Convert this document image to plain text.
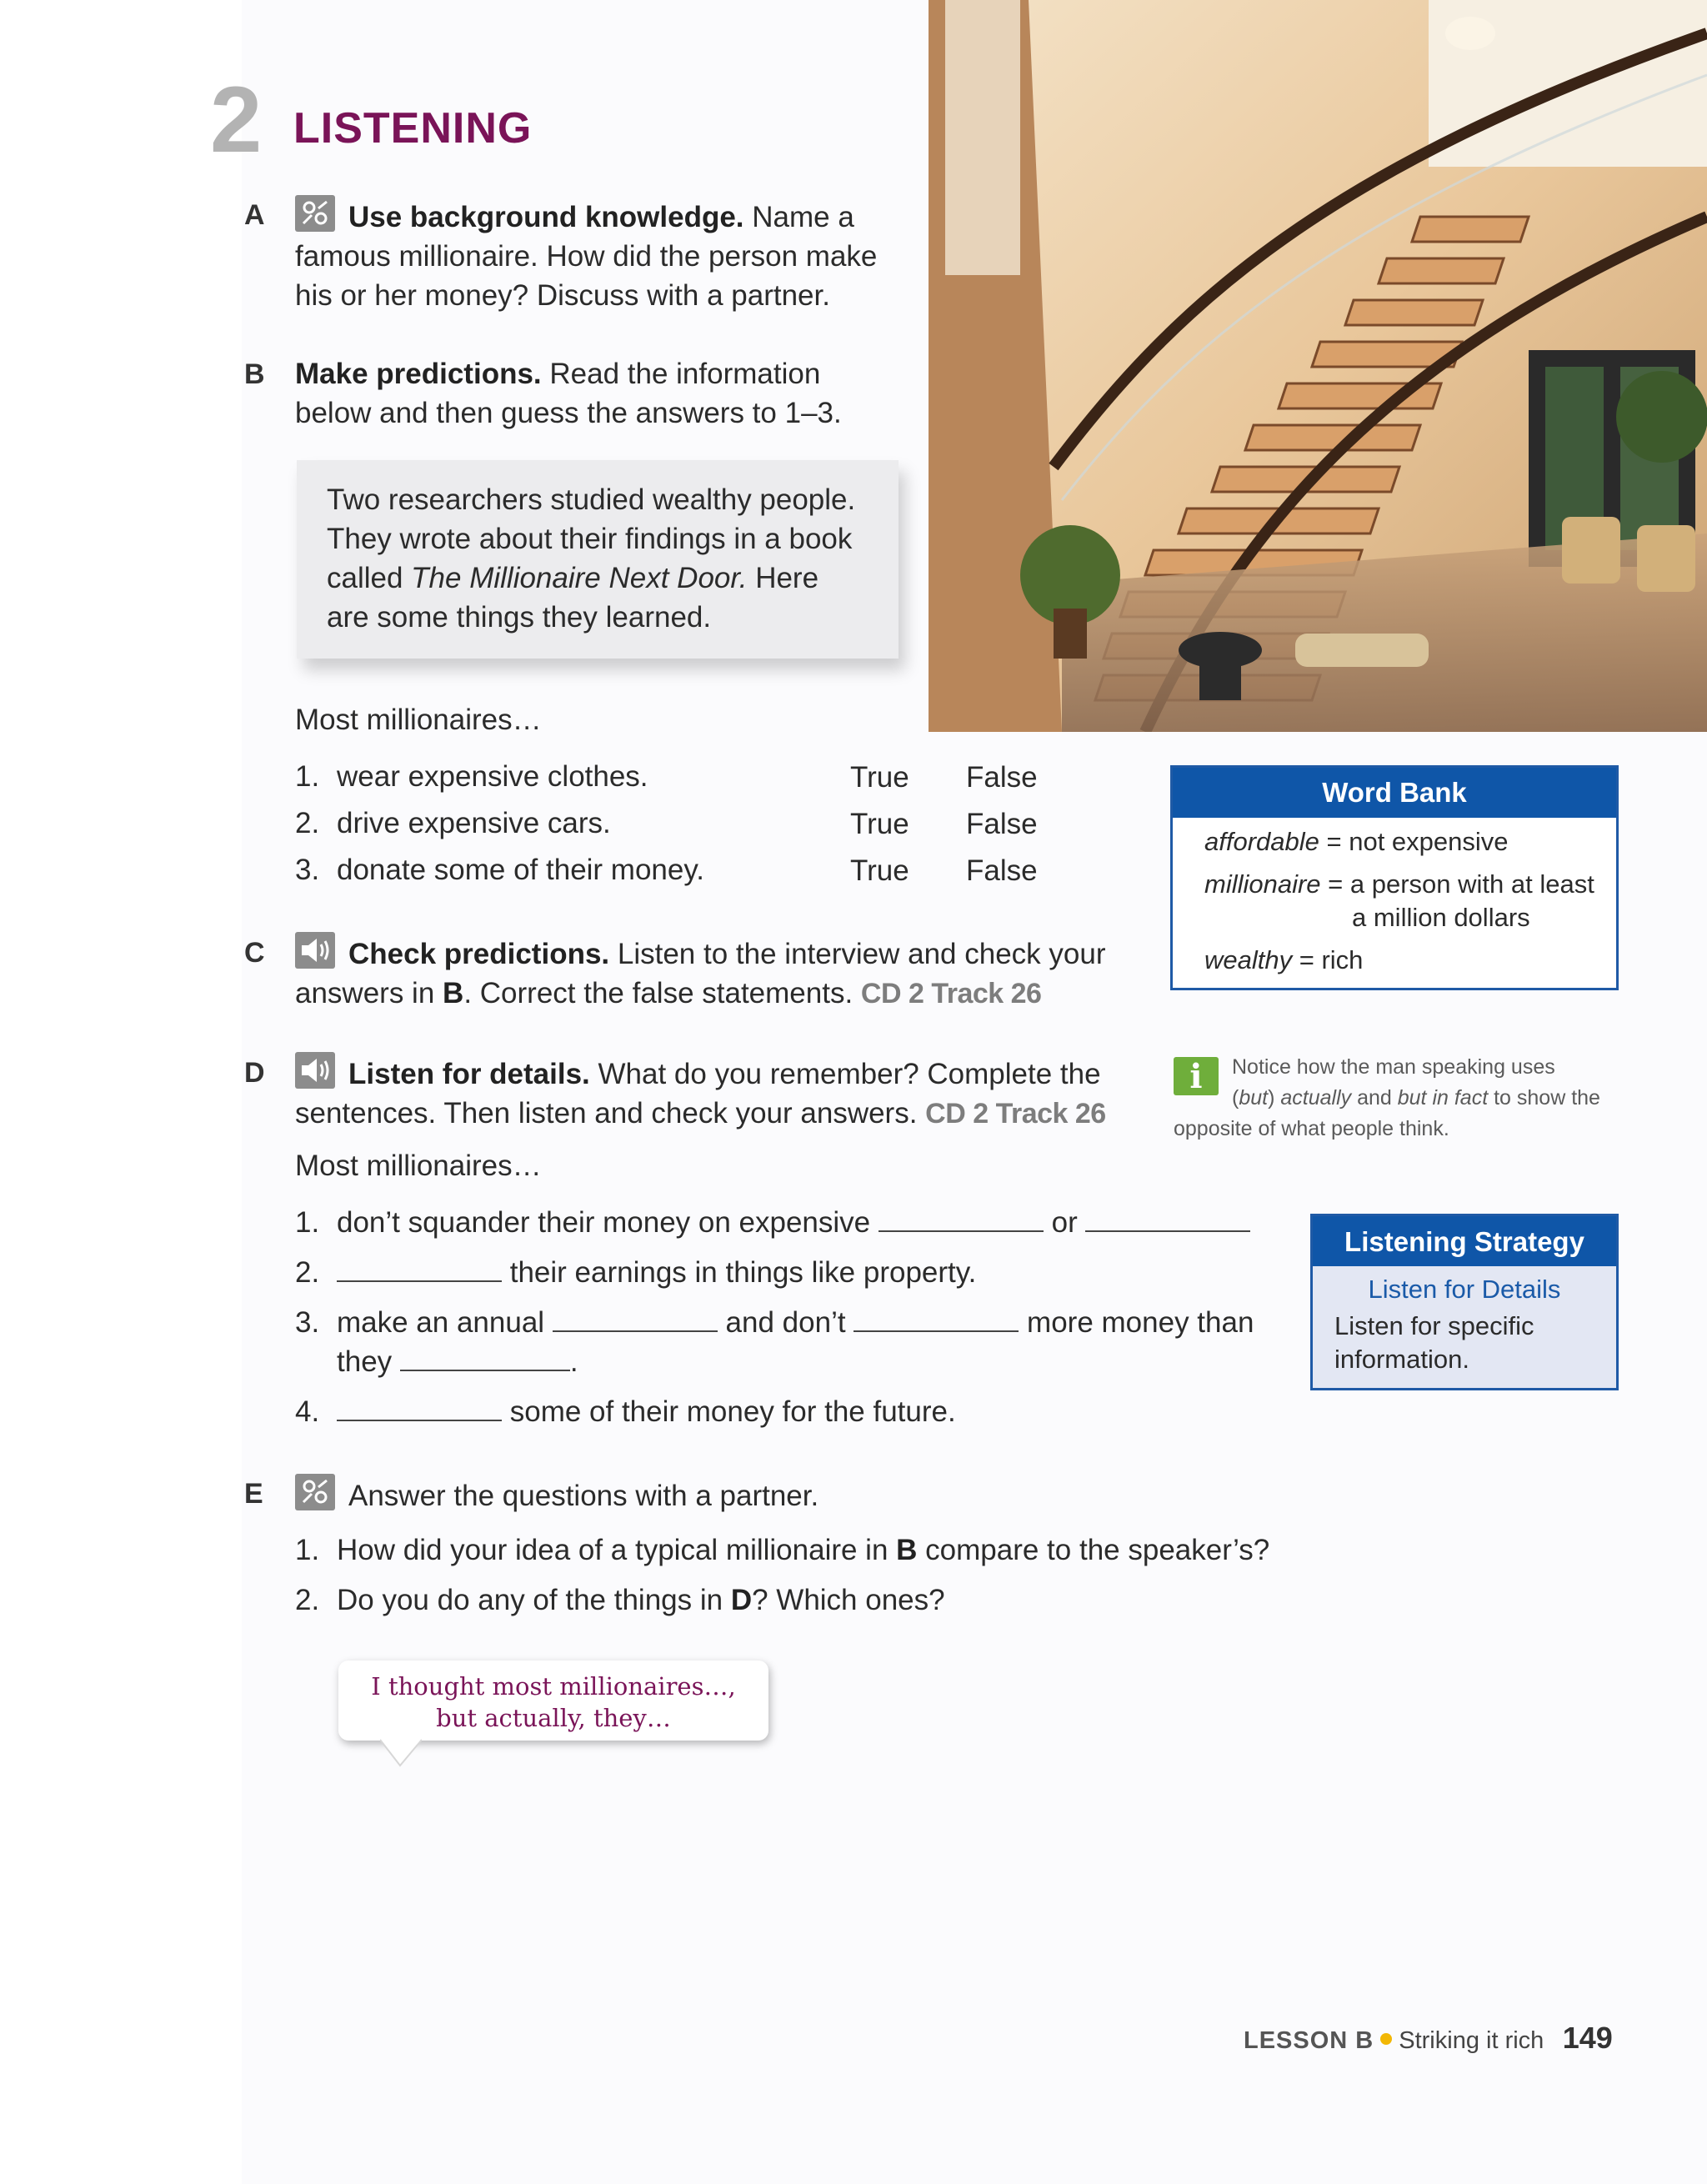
2 LISTENING
A	Use background knowledge. Name a
famous millionaire. How did the person make
his or her money? Discuss with a partner.
B Make predictions. Read the information
below and then guess the answers to 1–3.
Two researchers studied wealthy people.
They wrote about their findings in a book
called The Millionaire Next Door. Here
are some things they learned.
Most millionaires…
1. wear expensive clothes.	True False
2. drive expensive cars.	True False
3. donate some of their money.	True False
C	Check predictions. Listen to the interview and check your
answers in B. Correct the false statements. CD 2 Track 26
D	Listen for details. What do you remember? Complete the
sentences. Then listen and check your answers. CD 2 Track 26
Most millionaires…
1. don’t squander their money on expensive	or
2.	their earnings in things like property.
3. make an annual	and don’t	more money than
they	.
4.	some of their money for the future.
E	Answer the questions with a partner.
1. How did your idea of a typical millionaire in B compare to the speaker’s?
2. Do you do any of the things in D? Which ones?
I thought most millionaires…,
but actually, they…
Word Bank
affordable = not expensive
millionaire = a person with at least
a million dollars
wealthy = rich
i	Notice how the man speaking uses
(but) actually and but in fact to show the
opposite of what people think.
Listening Strategy
Listen for Details
Listen for specific
information.
LESSON B Striking it rich 149
